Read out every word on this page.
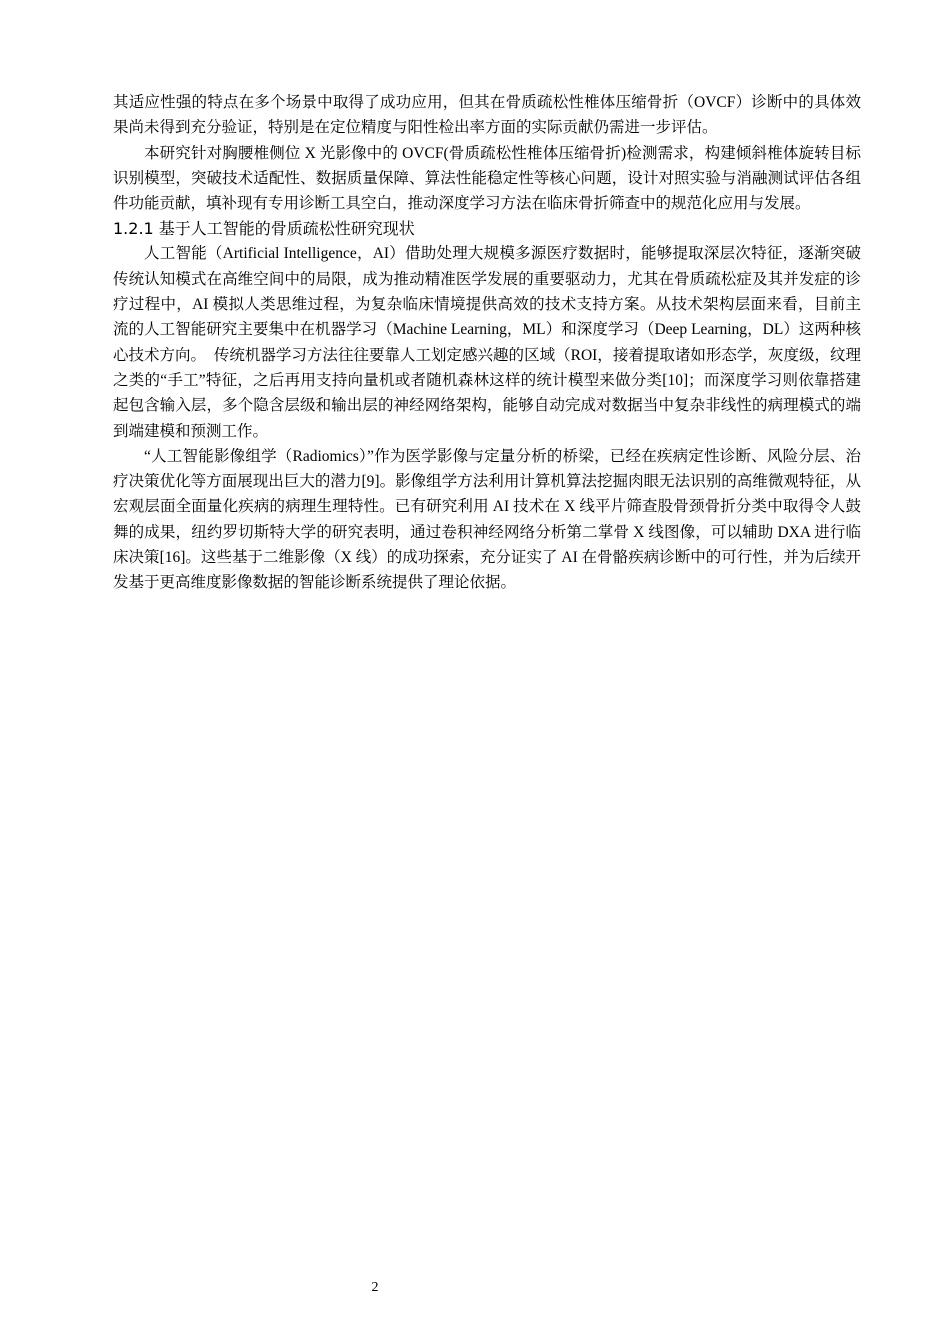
其适应性强的特点在多个场景中取得了成功应用，但其在骨质疏松性椎体压缩骨折（OVCF）诊断中的具体效果尚未得到充分验证，特别是在定位精度与阳性检出率方面的实际贡献仍需进一步评估。

本研究针对胸腰椎侧位 X 光影像中的 OVCF(骨质疏松性椎体压缩骨折)检测需求，构建倾斜椎体旋转目标识别模型，突破技术适配性、数据质量保障、算法性能稳定性等核心问题，设计对照实验与消融测试评估各组件功能贡献，填补现有专用诊断工具空白，推动深度学习方法在临床骨折筛查中的规范化应用与发展。

1.2.1 基于人工智能的骨质疏松性研究现状

人工智能（Artificial Intelligence，AI）借助处理大规模多源医疗数据时，能够提取深层次特征，逐渐突破传统认知模式在高维空间中的局限，成为推动精准医学发展的重要驱动力，尤其在骨质疏松症及其并发症的诊疗过程中，AI 模拟人类思维过程，为复杂临床情境提供高效的技术支持方案。从技术架构层面来看，目前主流的人工智能研究主要集中在机器学习（Machine Learning，ML）和深度学习（Deep Learning，DL）这两种核心技术方向。　传统机器学习方法往往要靠人工划定感兴趣的区域（ROI，接着提取诸如形态学，灰度级，纹理之类的“手工”特征，之后再用支持向量机或者随机森林这样的统计模型来做分类[10]；而深度学习则依靠搭建起包含输入层，多个隐含层级和输出层的神经网络架构，能够自动完成对数据当中复杂非线性的病理模式的端到端建模和预测工作。

“人工智能影像组学（Radiomics）”作为医学影像与定量分析的桥梁，已经在疾病定性诊断、风险分层、治疗决策优化等方面展现出巨大的潜力[9]。影像组学方法利用计算机算法挖掘肉眼无法识别的高维微观特征，从宏观层面全面量化疾病的病理生理特性。已有研究利用 AI 技术在 X 线平片筛查股骨颈骨折分类中取得令人鼓舞的成果，纽约罗切斯特大学的研究表明，通过卷积神经网络分析第二掌骨 X 线图像，可以辅助 DXA 进行临床决策[16]。这些基于二维影像（X 线）的成功探索，充分证实了 AI 在骨骼疾病诊断中的可行性，并为后续开发基于更高维度影像数据的智能诊断系统提供了理论依据。

2
